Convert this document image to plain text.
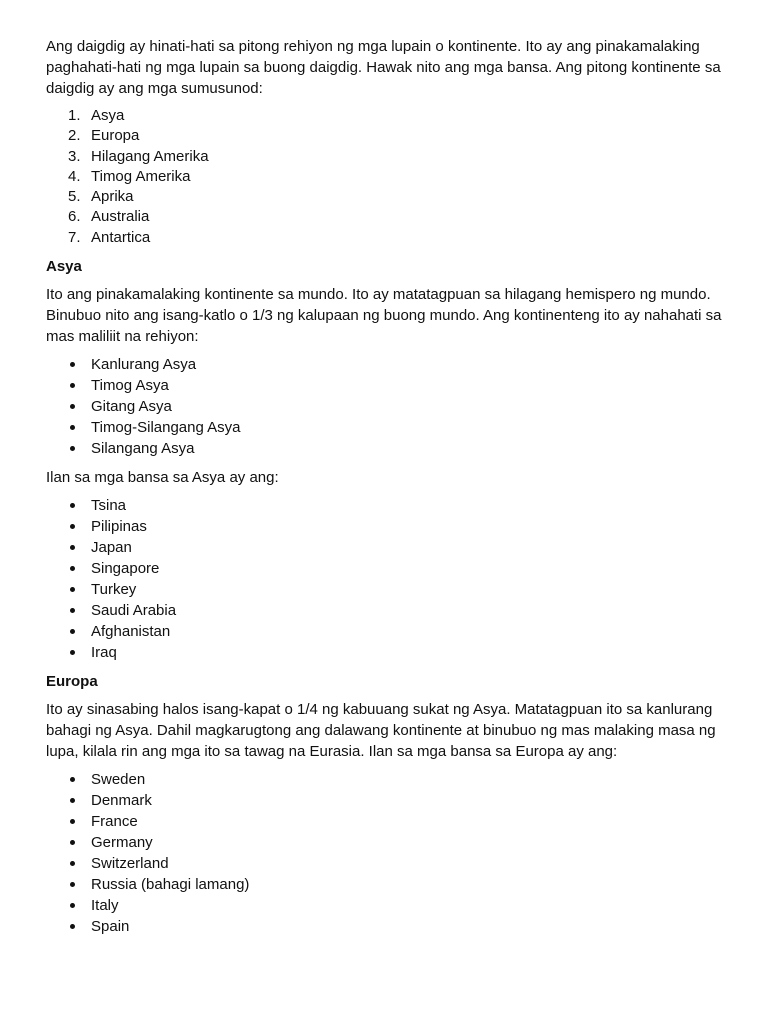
Ang daigdig ay hinati-hati sa pitong rehiyon ng mga lupain o kontinente. Ito ay ang pinakamalaking paghahati-hati ng mga lupain sa buong daigdig. Hawak nito ang mga bansa. Ang pitong kontinente sa daigdig ay ang mga sumusunod:

1. Asya
2. Europa
3. Hilagang Amerika
4. Timog Amerika
5. Aprika
6. Australia
7. Antartica
Asya

Ito ang pinakamalaking kontinente sa mundo. Ito ay matatagpuan sa hilagang hemispero ng mundo. Binubuo nito ang isang-katlo o 1/3 ng kalupaan ng buong mundo. Ang kontinenteng ito ay nahahati sa mas maliliit na rehiyon:

Kanlurang Asya
Timog Asya
Gitang Asya
Timog-Silangang Asya
Silangang Asya

Ilan sa mga bansa sa Asya ay ang:

Tsina
Pilipinas
Japan
Singapore
Turkey
Saudi Arabia
Afghanistan
Iraq
Europa

Ito ay sinasabing halos isang-kapat o 1/4 ng kabuuang sukat ng Asya. Matatagpuan ito sa kanlurang bahagi ng Asya. Dahil magkarugtong ang dalawang kontinente at binubuo ng mas malaking masa ng lupa, kilala rin ang mga ito sa tawag na Eurasia. Ilan sa mga bansa sa Europa ay ang:

Sweden
Denmark
France
Germany
Switzerland
Russia (bahagi lamang)
Italy
Spain
